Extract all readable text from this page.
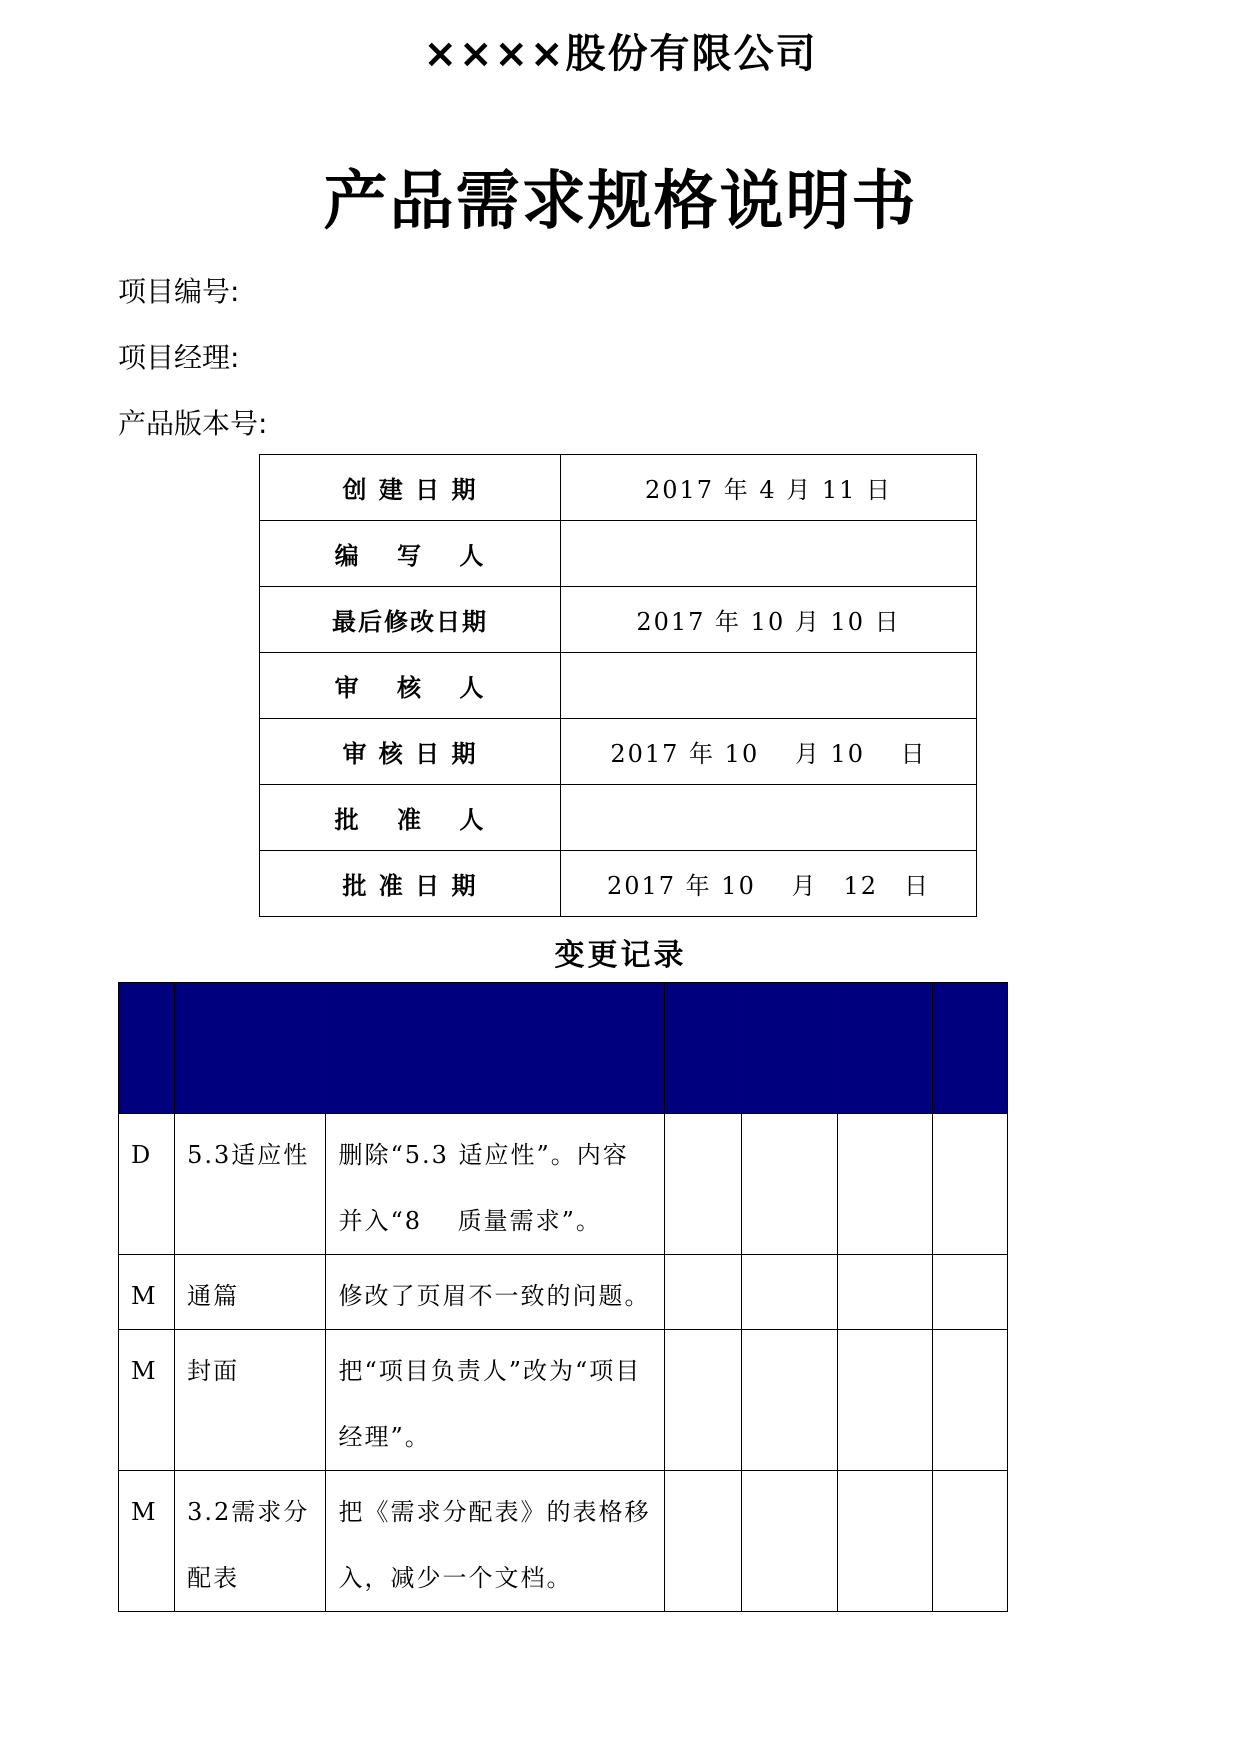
××××股份有限公司
产品需求规格说明书
项目编号:
项目经理:
产品版本号:
创 建 日 期	2017 年 4 月 11 日
编　 写　 人	
最后修改日期	2017 年 10 月 10 日
审　 核　 人	
审 核 日 期	2017 年 10　 月 10　 日
批　 准　 人	
批 准 日 期	2017 年 10　 月　12　日
变更记录

D	5.3适应性	删除“5.3 适应性”。内容并入“8　 质量需求”。				
M	通篇	修改了页眉不一致的问题。				
M	封面	把“项目负责人”改为“项目经理”。				
M	3.2需求分配表	把《需求分配表》的表格移入，减少一个文档。				
